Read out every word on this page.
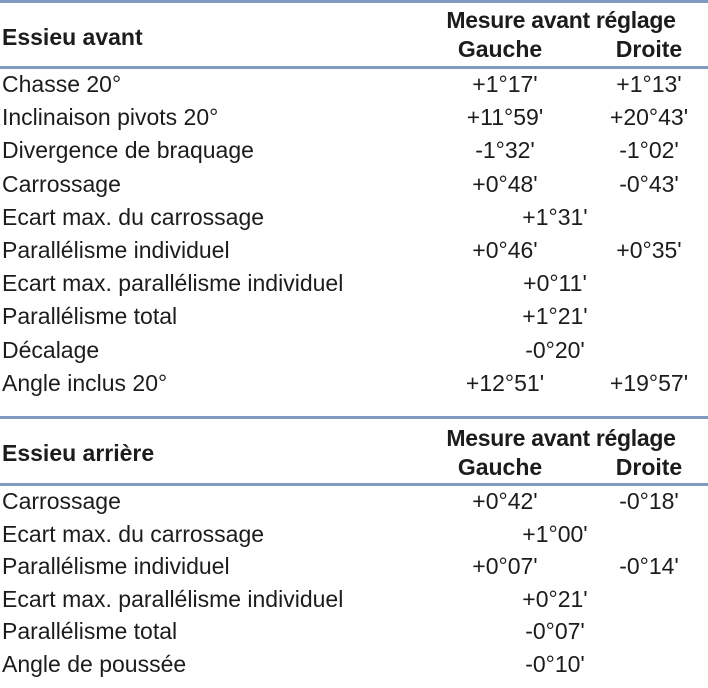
Essieu avant
Mesure avant réglage
Gauche	Droite
Chasse 20°	+1°17'	+1°13'
Inclinaison pivots 20°	+11°59'	+20°43'
Divergence de braquage	-1°32'	-1°02'
Carrossage	+0°48'	-0°43'
Ecart max. du carrossage	+1°31'
Parallélisme individuel	+0°46'	+0°35'
Ecart max. parallélisme individuel	+0°11'
Parallélisme total	+1°21'
Décalage	-0°20'
Angle inclus 20°	+12°51'	+19°57'
Essieu arrière
Mesure avant réglage
Gauche	Droite
Carrossage	+0°42'	-0°18'
Ecart max. du carrossage	+1°00'
Parallélisme individuel	+0°07'	-0°14'
Ecart max. parallélisme individuel	+0°21'
Parallélisme total	-0°07'
Angle de poussée	-0°10'
